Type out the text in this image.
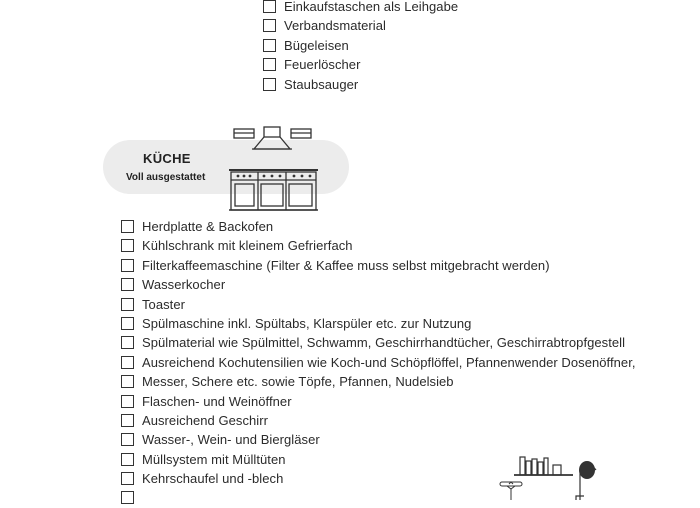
Einkaufstaschen als Leihgabe
Verbandsmaterial
Bügeleisen
Feuerlöscher
Staubsauger
KÜCHE
Voll ausgestattet
Herdplatte & Backofen
Kühlschrank mit kleinem Gefrierfach
Filterkaffeemaschine (Filter & Kaffee muss selbst mitgebracht werden)
Wasserkocher
Toaster
Spülmaschine inkl. Spültabs, Klarspüler etc. zur Nutzung
Spülmaterial wie Spülmittel, Schwamm, Geschirrhandtücher, Geschirrabtropfgestell
Ausreichend Kochutensilien wie Koch-und Schöpflöffel, Pfannenwender Dosenöffner,
Messer, Schere etc. sowie Töpfe, Pfannen, Nudelsieb
Flaschen- und Weinöffner
Ausreichend Geschirr
Wasser-, Wein- und Biergläser
Müllsystem mit Mülltüten
Kehrschaufel und -blech
